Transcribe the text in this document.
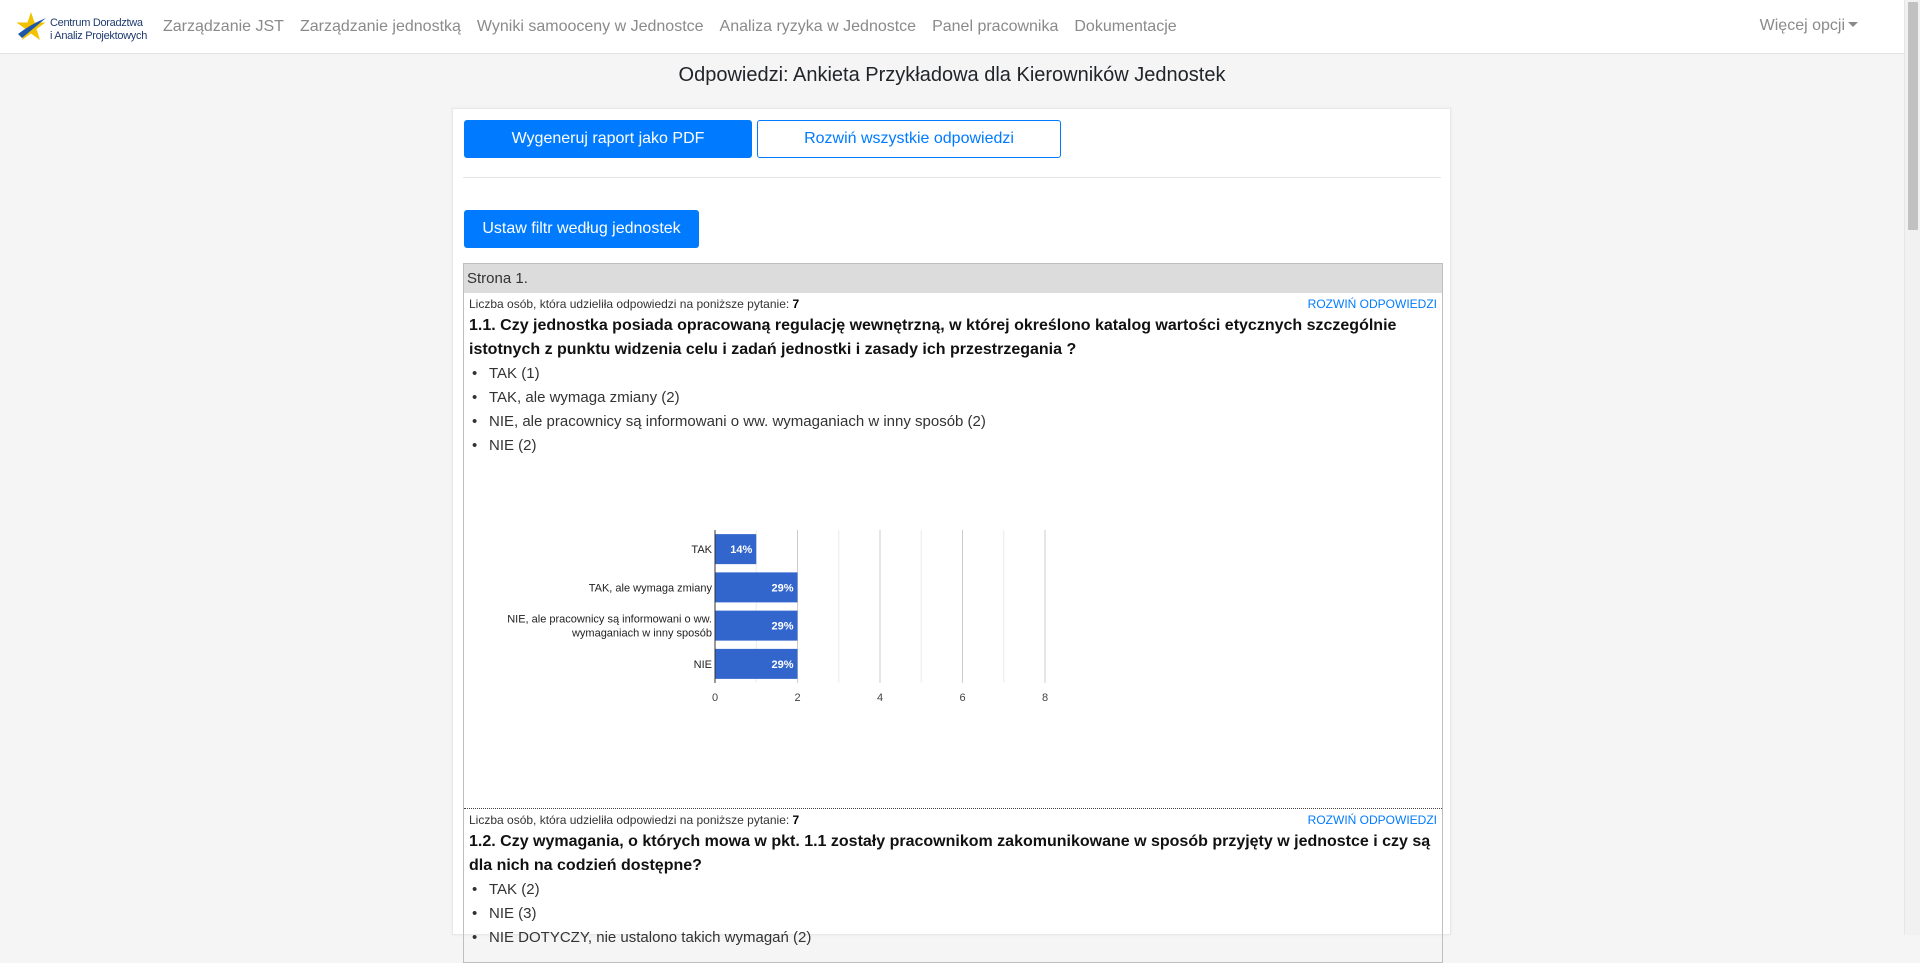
Centrum Doradztwa
i Analiz Projektowych
Zarządzanie JST Zarządzanie jednostką Wyniki samooceny w Jednostce Analiza ryzyka w Jednostce Panel pracownika Dokumentacje	Więcej opcji
Odpowiedzi: Ankieta Przykładowa dla Kierowników Jednostek
Wygeneruj raport jako PDF	Rozwiń wszystkie odpowiedzi
Ustaw filtr według jednostek
Strona 1.
Liczba osób, która udzieliła odpowiedzi na poniższe pytanie: 7	ROZWIŃ ODPOWIEDZI
1.1. Czy jednostka posiada opracowaną regulację wewnętrzną, w której określono katalog wartości etycznych szczególnie istotnych z punktu widzenia celu i zadań jednostki i zasady ich przestrzegania ?
• TAK (1)
• TAK, ale wymaga zmiany (2)
• NIE, ale pracownicy są informowani o ww. wymaganiach w inny sposób (2)
• NIE (2)
14%
TAK
29%
TAK, ale wymaga zmiany
29%
NIE, ale pracownicy są informowani o ww.
wymaganiach w inny sposób
29%
NIE
0	2	4	6	8
Liczba osób, która udzieliła odpowiedzi na poniższe pytanie: 7	ROZWIŃ ODPOWIEDZI
1.2. Czy wymagania, o których mowa w pkt. 1.1 zostały pracownikom zakomunikowane w sposób przyjęty w jednostce i czy są dla nich na codzień dostępne?
• TAK (2)
• NIE (3)
• NIE DOTYCZY, nie ustalono takich wymagań (2)
